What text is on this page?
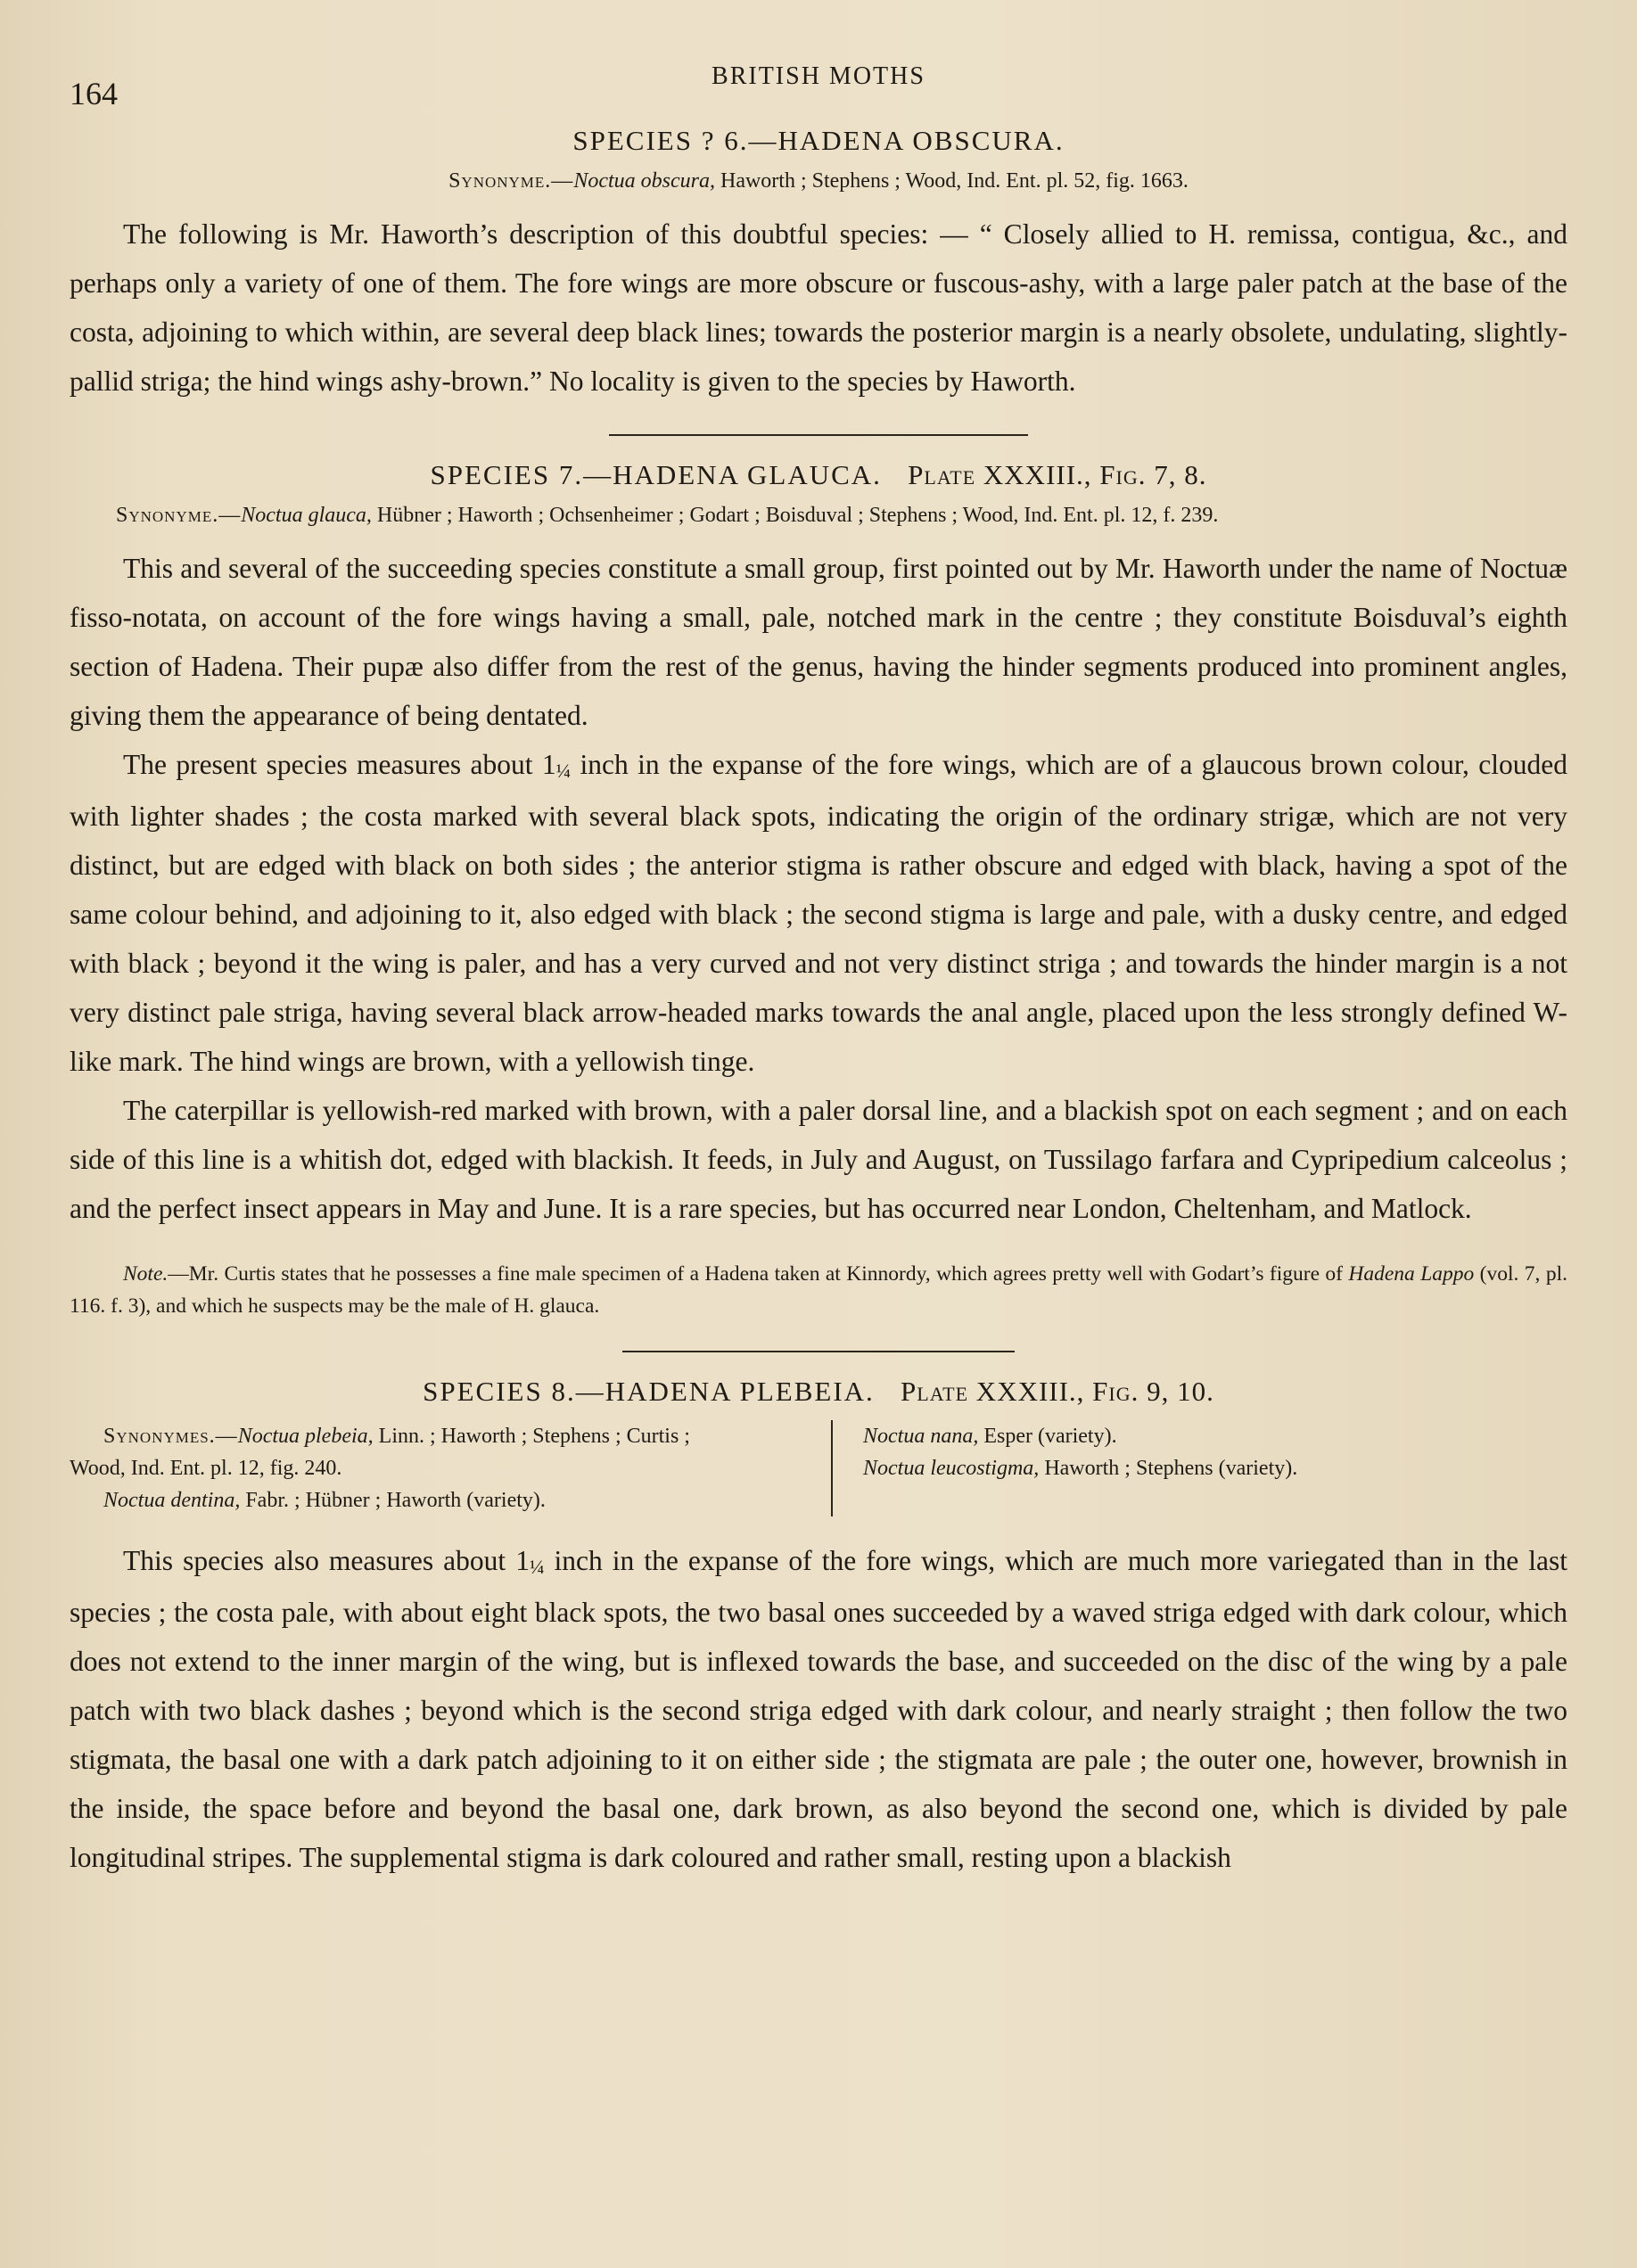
164	BRITISH MOTHS
SPECIES ? 6.—HADENA OBSCURA.
Synonyme.—Noctua obscura, Haworth ; Stephens ; Wood, Ind. Ent. pl. 52, fig. 1663.

The following is Mr. Haworth’s description of this doubtful species: — “ Closely allied to H. remissa, contigua, &c., and perhaps only a variety of one of them. The fore wings are more obscure or fuscous-ashy, with a large paler patch at the base of the costa, adjoining to which within, are several deep black lines; towards the posterior margin is a nearly obsolete, undulating, slightly-pallid striga; the hind wings ashy-brown.” No locality is given to the species by Haworth.

SPECIES 7.—HADENA GLAUCA. Plate XXXIII., Fig. 7, 8.
Synonyme.—Noctua glauca, Hübner ; Haworth ; Ochsenheimer ; Godart ; Boisduval ; Stephens ; Wood, Ind. Ent. pl. 12, f. 239.

This and several of the succeeding species constitute a small group, first pointed out by Mr. Haworth under the name of Noctuæ fisso-notata, on account of the fore wings having a small, pale, notched mark in the centre ; they constitute Boisduval’s eighth section of Hadena. Their pupæ also differ from the rest of the genus, having the hinder segments produced into prominent angles, giving them the appearance of being dentated.

The present species measures about 1¼ inch in the expanse of the fore wings, which are of a glaucous brown colour, clouded with lighter shades ; the costa marked with several black spots, indicating the origin of the ordinary strigæ, which are not very distinct, but are edged with black on both sides ; the anterior stigma is rather obscure and edged with black, having a spot of the same colour behind, and adjoining to it, also edged with black ; the second stigma is large and pale, with a dusky centre, and edged with black ; beyond it the wing is paler, and has a very curved and not very distinct striga ; and towards the hinder margin is a not very distinct pale striga, having several black arrow-headed marks towards the anal angle, placed upon the less strongly defined W-like mark. The hind wings are brown, with a yellowish tinge.

The caterpillar is yellowish-red marked with brown, with a paler dorsal line, and a blackish spot on each segment ; and on each side of this line is a whitish dot, edged with blackish. It feeds, in July and August, on Tussilago farfara and Cypripedium calceolus ; and the perfect insect appears in May and June. It is a rare species, but has occurred near London, Cheltenham, and Matlock.

Note.—Mr. Curtis states that he possesses a fine male specimen of a Hadena taken at Kinnordy, which agrees pretty well with Godart’s figure of Hadena Lappo (vol. 7, pl. 116. f. 3), and which he suspects may be the male of H. glauca.

SPECIES 8.—HADENA PLEBEIA. Plate XXXIII., Fig. 9, 10.
Synonymes.—Noctua plebeia, Linn. ; Haworth ; Stephens ; Curtis ;
Wood, Ind. Ent. pl. 12, fig. 240.
Noctua dentina, Fabr. ; Hübner ; Haworth (variety).
Noctua nana, Esper (variety).
Noctua leucostigma, Haworth ; Stephens (variety).

This species also measures about 1¼ inch in the expanse of the fore wings, which are much more variegated than in the last species ; the costa pale, with about eight black spots, the two basal ones succeeded by a waved striga edged with dark colour, which does not extend to the inner margin of the wing, but is inflexed towards the base, and succeeded on the disc of the wing by a pale patch with two black dashes ; beyond which is the second striga edged with dark colour, and nearly straight ; then follow the two stigmata, the basal one with a dark patch adjoining to it on either side ; the stigmata are pale ; the outer one, however, brownish in the inside, the space before and beyond the basal one, dark brown, as also beyond the second one, which is divided by pale longitudinal stripes. The supplemental stigma is dark coloured and rather small, resting upon a blackish
